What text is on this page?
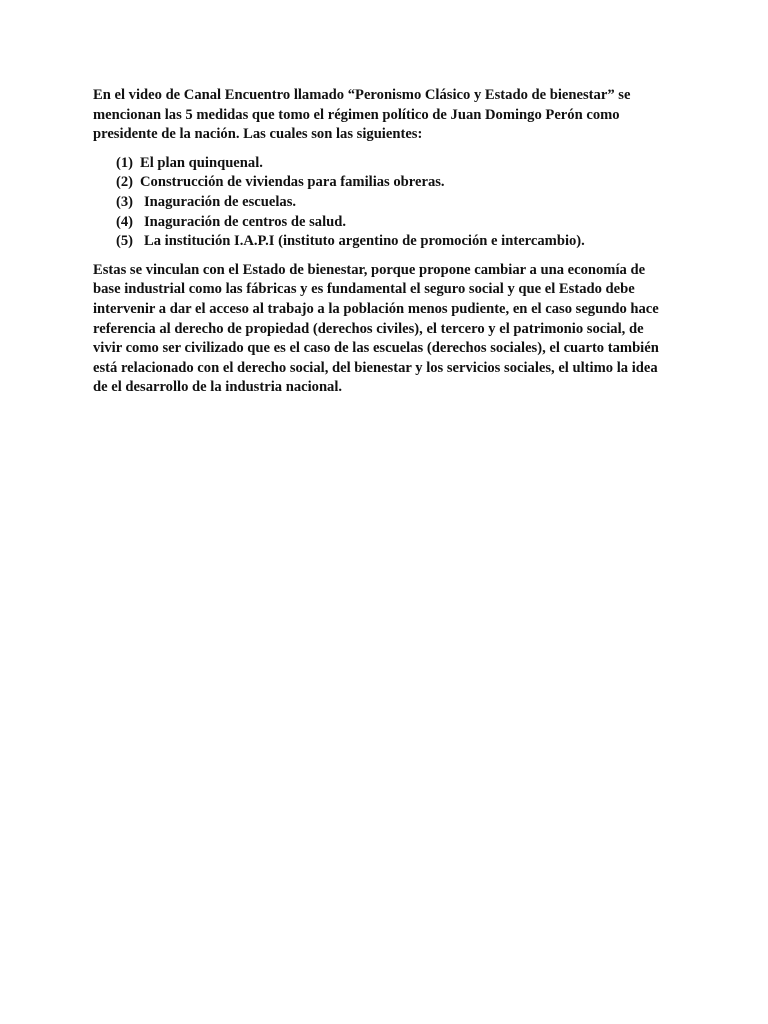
En el video de Canal Encuentro llamado “Peronismo Clásico y Estado de bienestar” se mencionan las 5 medidas que tomo el régimen político de Juan Domingo Perón como presidente de la nación. Las cuales son las siguientes:

(1) El plan quinquenal.
(2) Construcción de viviendas para familias obreras.
(3) Inaguración de escuelas.
(4) Inaguración de centros de salud.
(5) La institución I.A.P.I (instituto argentino de promoción e intercambio).

Estas se vinculan con el Estado de bienestar, porque propone cambiar a una economía de base industrial como las fábricas y es fundamental el seguro social y que el Estado debe intervenir a dar el acceso al trabajo a la población menos pudiente, en el caso segundo hace referencia al derecho de propiedad (derechos civiles), el tercero y el patrimonio social, de vivir como ser civilizado que es el caso de las escuelas (derechos sociales), el cuarto también está relacionado con el derecho social, del bienestar y los servicios sociales, el ultimo la idea de el desarrollo de la industria nacional.
